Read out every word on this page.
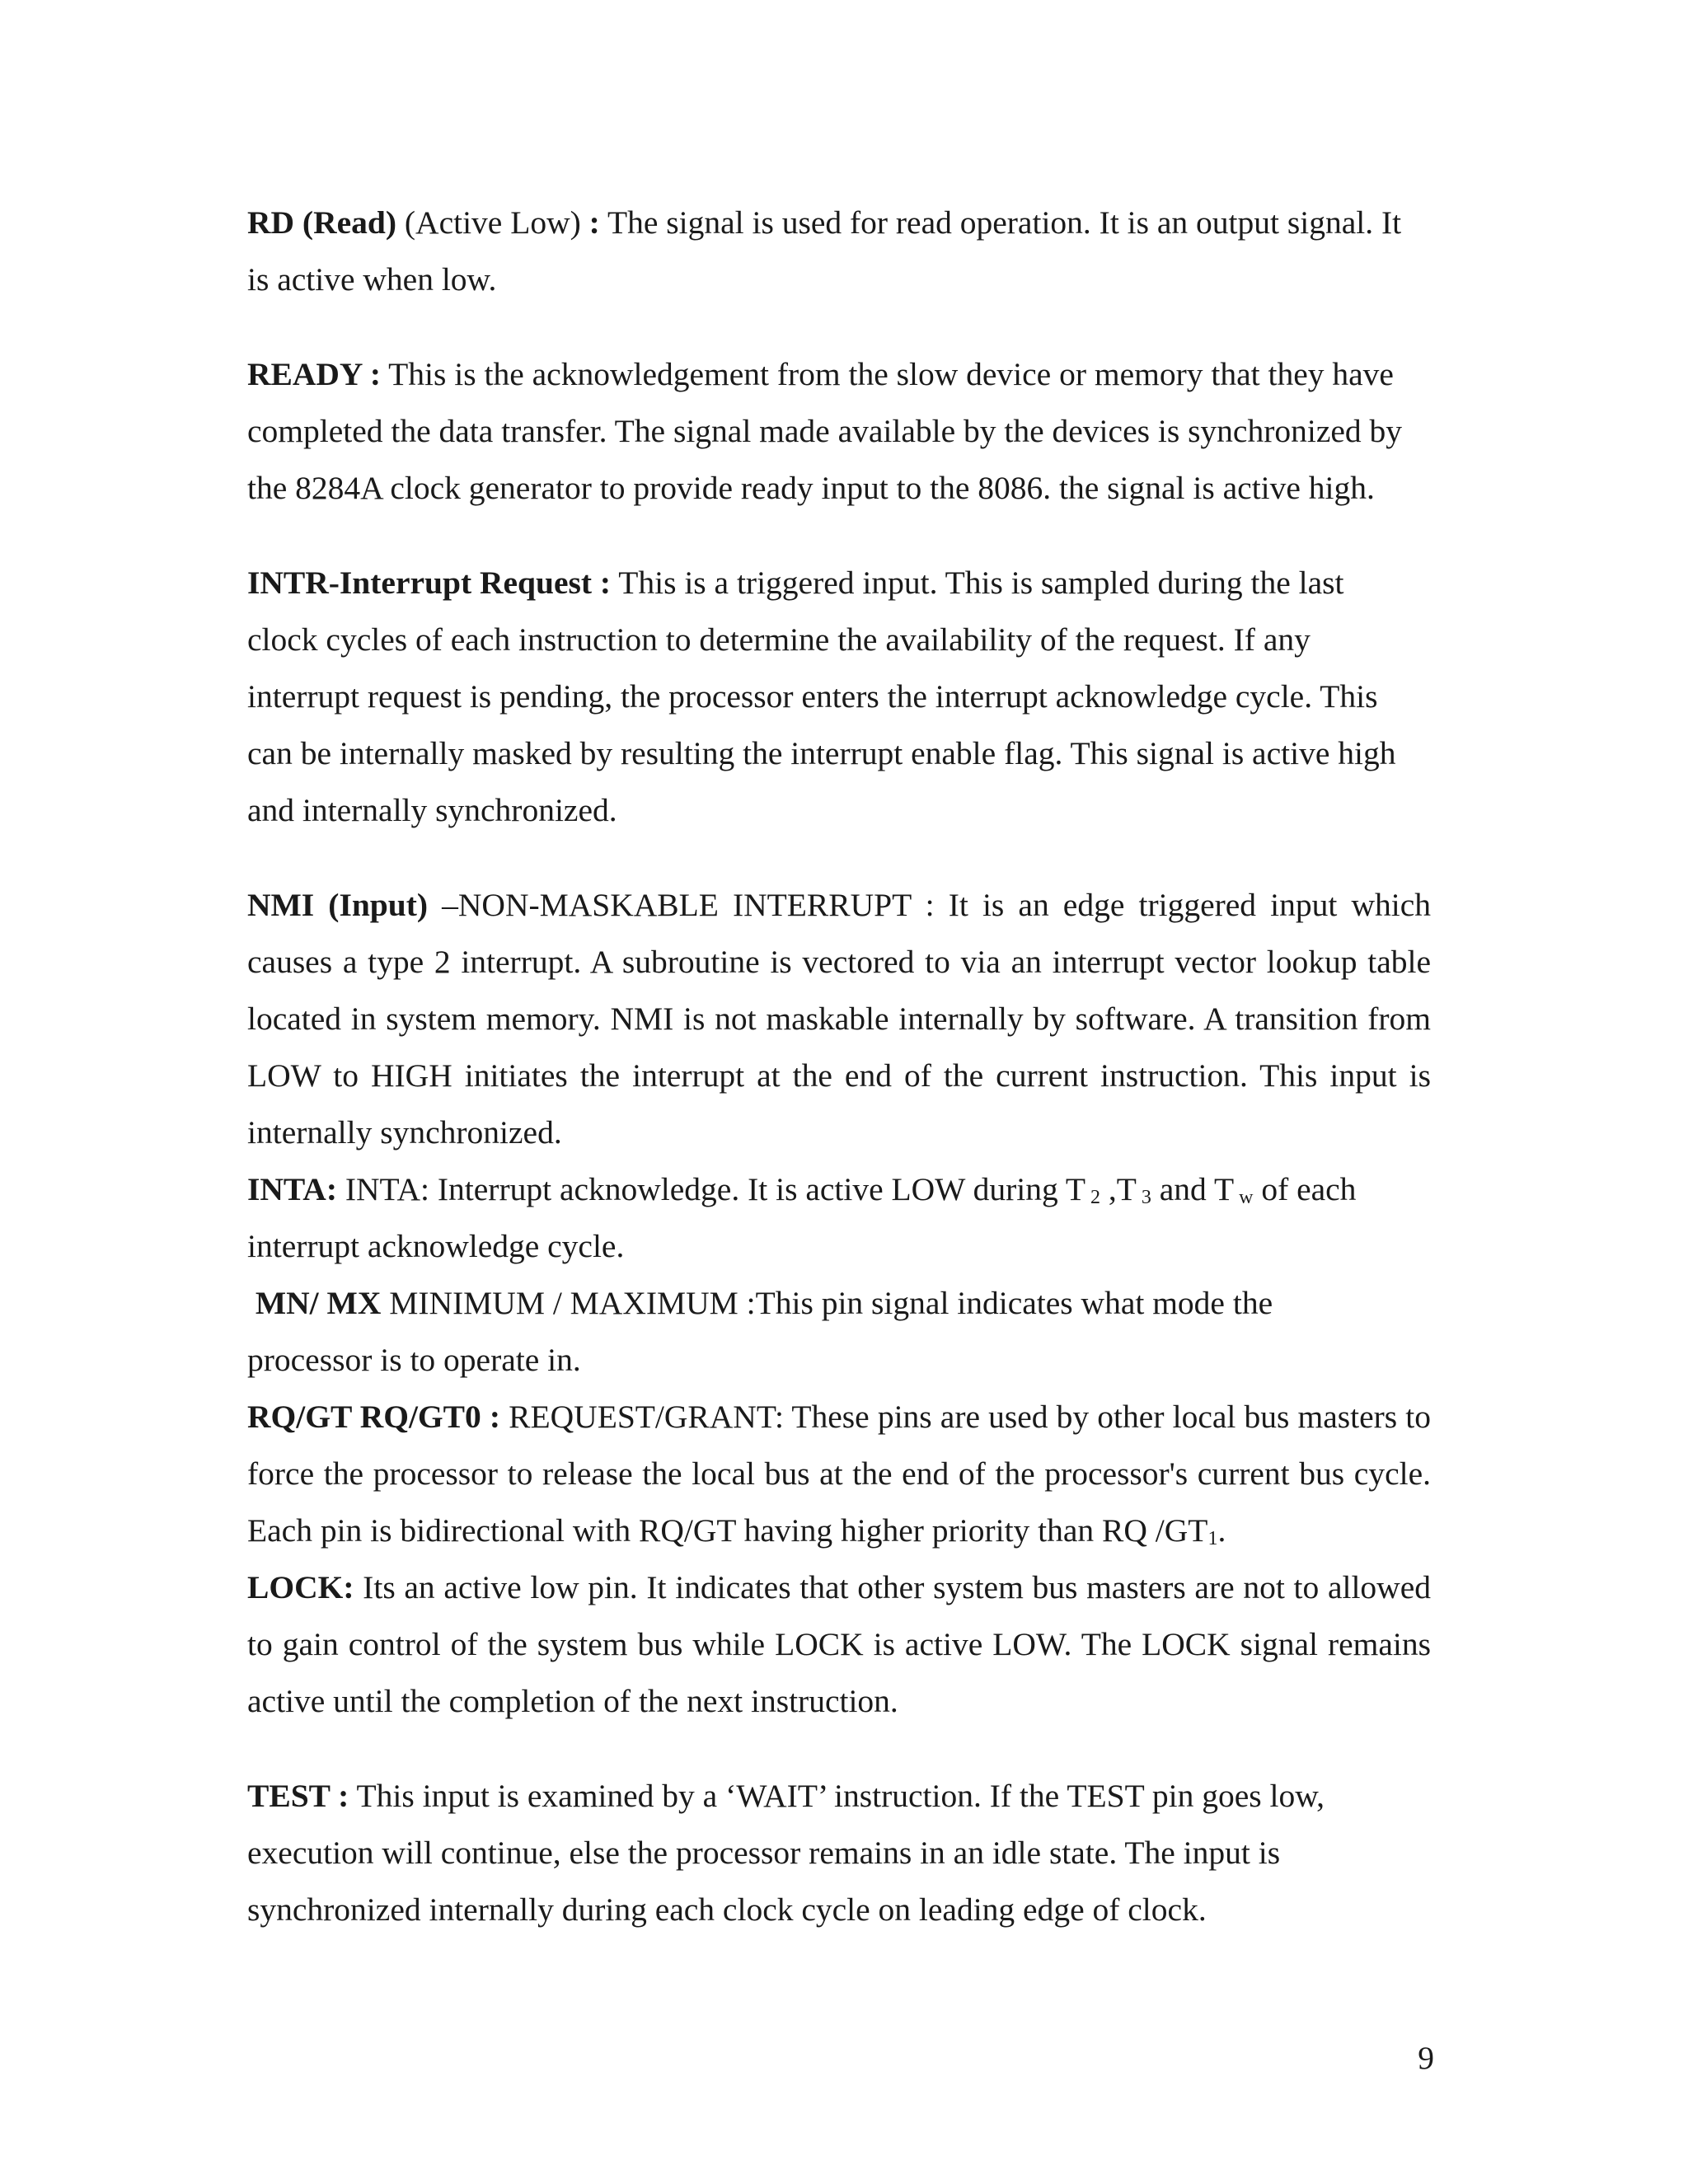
RD (Read) (Active Low) : The signal is used for read operation. It is an output signal. It
is active when low.

READY : This is the acknowledgement from the slow device or memory that they have
completed the data transfer. The signal made available by the devices is synchronized by
the 8284A clock generator to provide ready input to the 8086. the signal is active high.

INTR-Interrupt Request : This is a triggered input. This is sampled during the last
clock cycles of each instruction to determine the availability of the request. If any
interrupt request is pending, the processor enters the interrupt acknowledge cycle. This
can be internally masked by resulting the interrupt enable flag. This signal is active high
and internally synchronized.

NMI (Input) –NON-MASKABLE INTERRUPT : It is an edge triggered input which causes a type 2 interrupt. A subroutine is vectored to via an interrupt vector lookup table located in system memory. NMI is not maskable internally by software. A transition from LOW to HIGH initiates the interrupt at the end of the current instruction. This input is internally synchronized.

INTA: INTA: Interrupt acknowledge. It is active LOW during T $_2$ ,T $_3$ and T $_w$ of each
interrupt acknowledge cycle.

MN/ MX MINIMUM / MAXIMUM :This pin signal indicates what mode the
processor is to operate in.

RQ/GT RQ/GT0 : REQUEST/GRANT: These pins are used by other local bus masters to force the processor to release the local bus at the end of the processor's current bus cycle. Each pin is bidirectional with RQ/GT having higher priority than RQ $/GT_1$.

LOCK: Its an active low pin. It indicates that other system bus masters are not to allowed to gain control of the system bus while LOCK is active LOW. The LOCK signal remains active until the completion of the next instruction.

TEST : This input is examined by a ‘WAIT’ instruction. If the TEST pin goes low,
execution will continue, else the processor remains in an idle state. The input is
synchronized internally during each clock cycle on leading edge of clock.

9
